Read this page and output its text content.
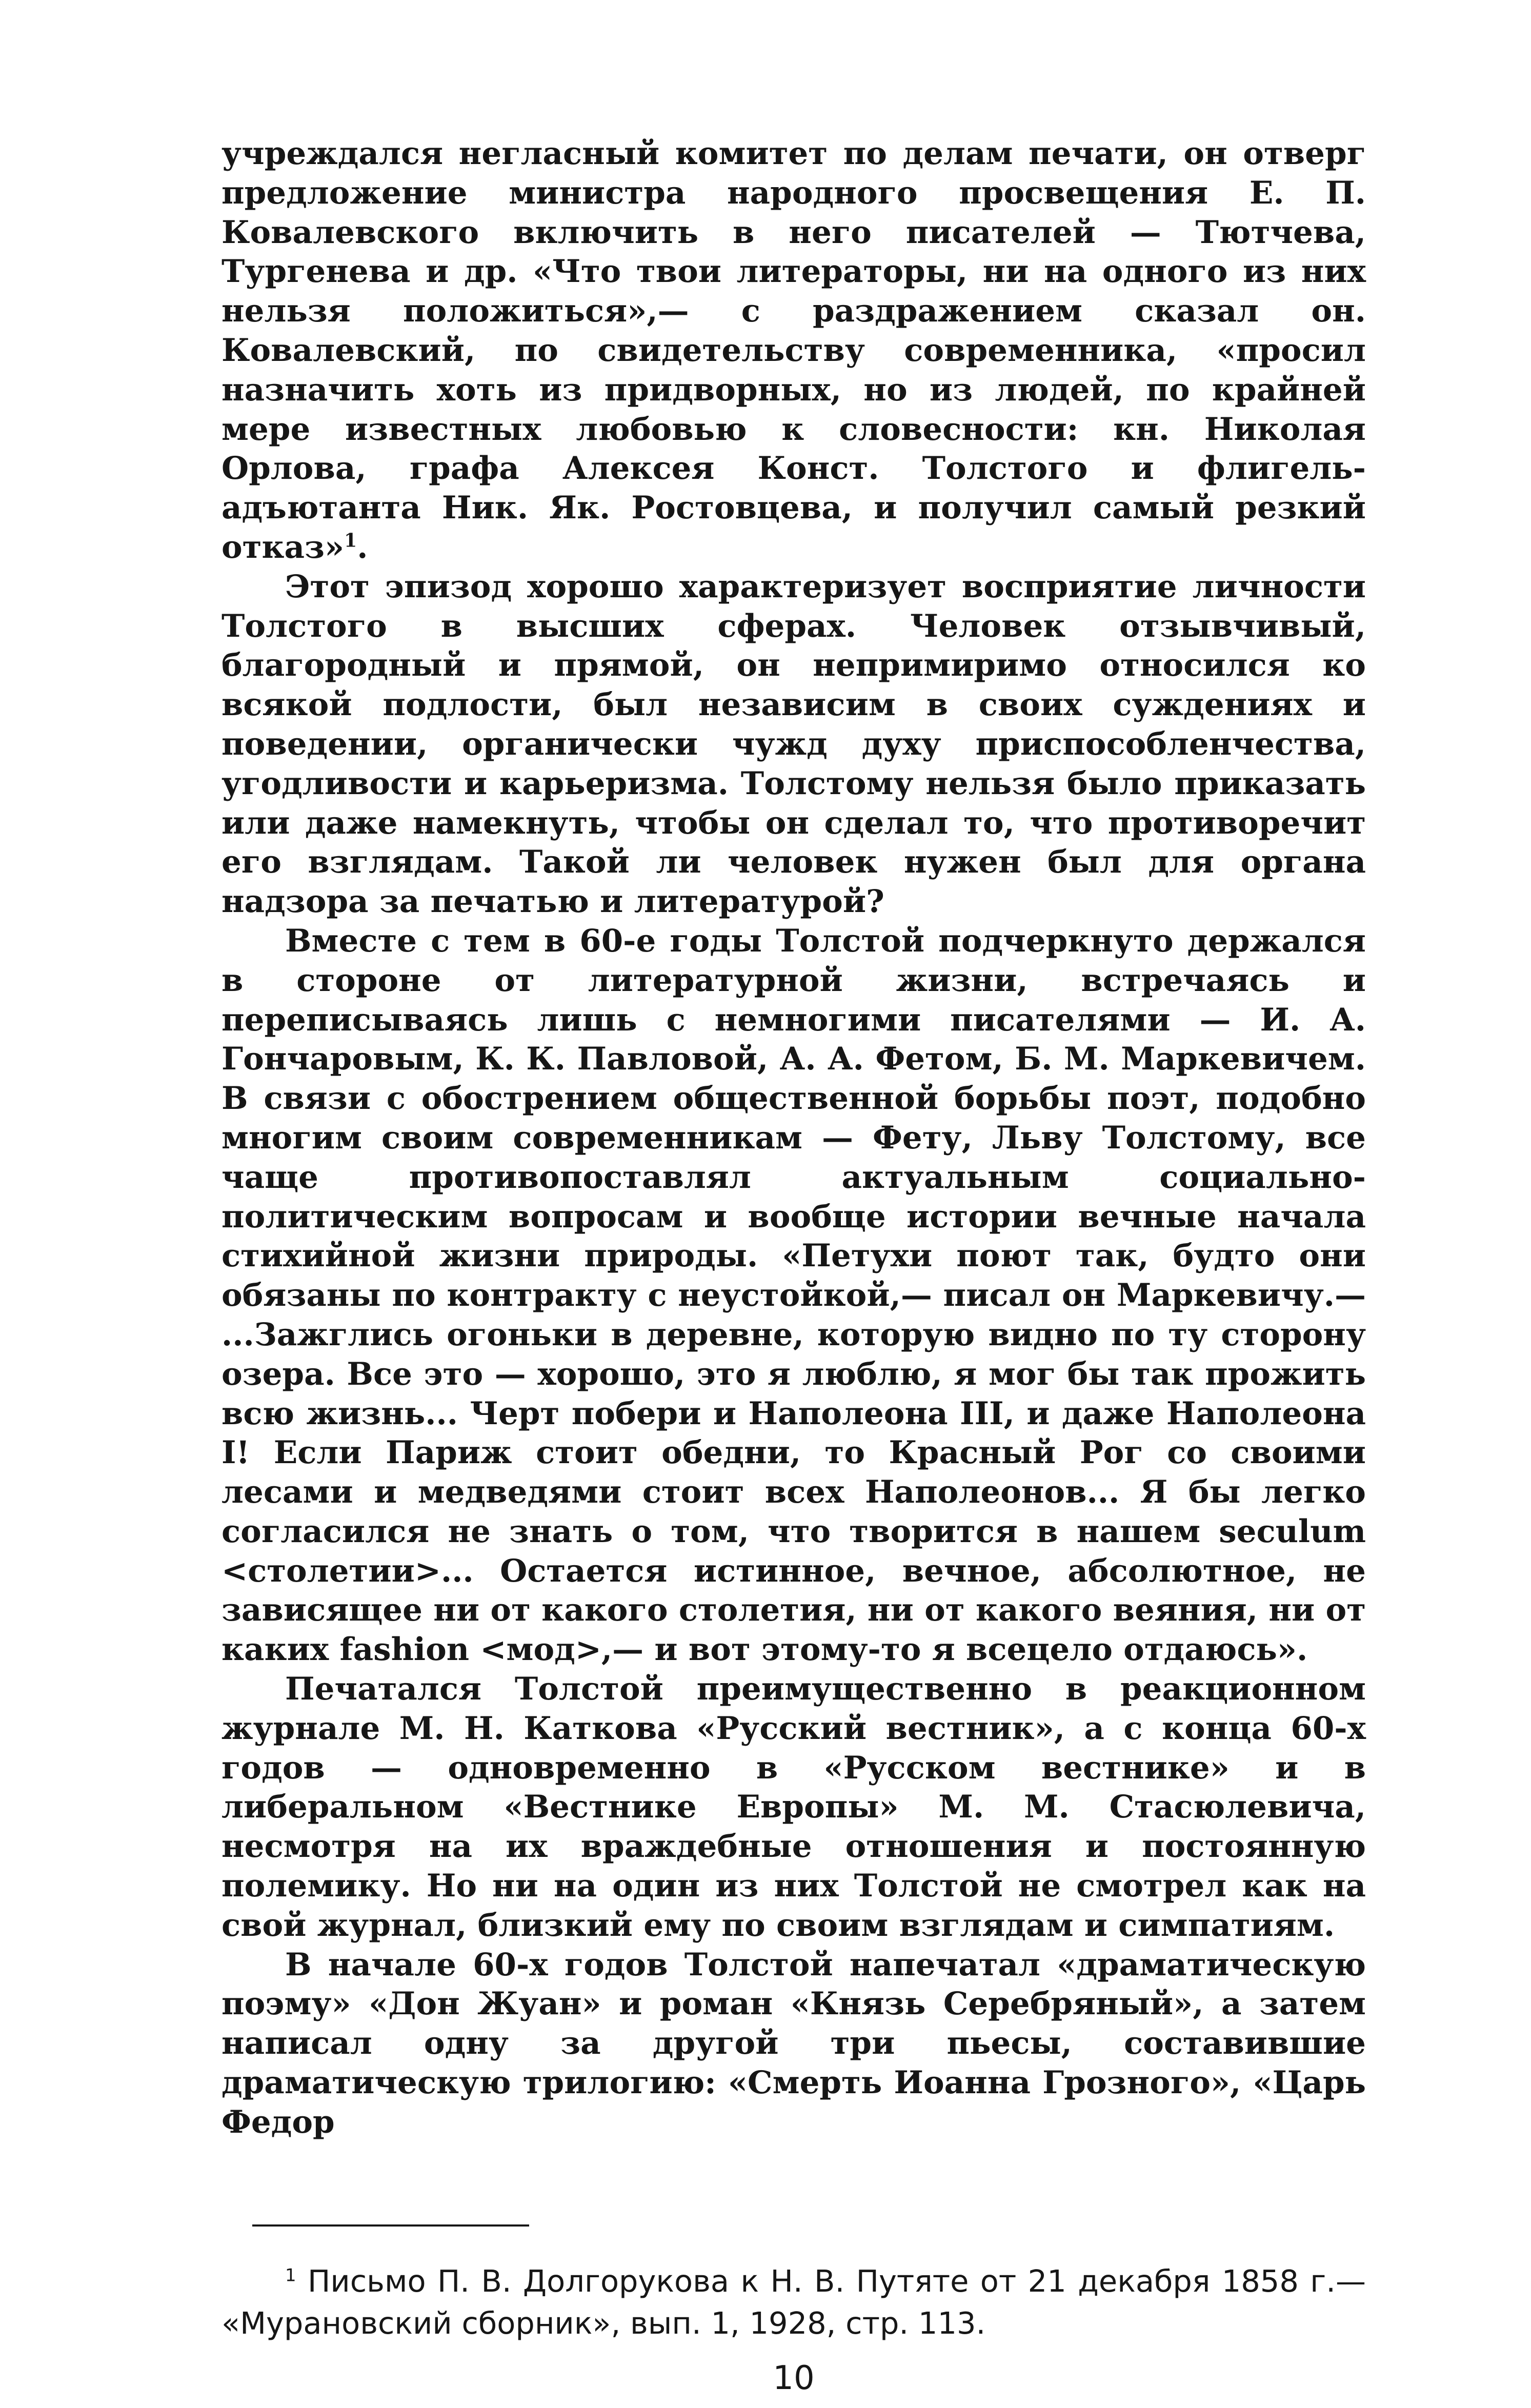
учреждался негласный комитет по делам печати, он отверг предложение министра народного просвещения Е. П. Ковалевского включить в него писателей — Тютчева, Тургенева и др. «Что твои литераторы, ни на одного из них нельзя положиться»,— с раздражением сказал он. Ковалевский, по свидетельству современника, «просил назначить хоть из придворных, но из людей, по крайней мере известных любовью к словесности: кн. Николая Орлова, графа Алексея Конст. Толстого и флигель-адъютанта Ник. Як. Ростовцева, и получил самый резкий отказ»$^1$.

Этот эпизод хорошо характеризует восприятие личности Толстого в высших сферах. Человек отзывчивый, благородный и прямой, он непримиримо относился ко всякой подлости, был независим в своих суждениях и поведении, органически чужд духу приспособленчества, угодливости и карьеризма. Толстому нельзя было приказать или даже намекнуть, чтобы он сделал то, что противоречит его взглядам. Такой ли человек нужен был для органа надзора за печатью и литературой?

Вместе с тем в 60-е годы Толстой подчеркнуто держался в стороне от литературной жизни, встречаясь и переписываясь лишь с немногими писателями — И. А. Гончаровым, К. К. Павловой, А. А. Фетом, Б. М. Маркевичем. В связи с обострением общественной борьбы поэт, подобно многим своим современникам — Фету, Льву Толстому, все чаще противопоставлял актуальным социально-политическим вопросам и вообще истории вечные начала стихийной жизни природы. «Петухи поют так, будто они обязаны по контракту с неустойкой,— писал он Маркевичу.— ...Зажглись огоньки в деревне, которую видно по ту сторону озера. Все это — хорошо, это я люблю, я мог бы так прожить всю жизнь... Черт побери и Наполеона III, и даже Наполеона I! Если Париж стоит обедни, то Красный Рог со своими лесами и медведями стоит всех Наполеонов... Я бы легко согласился не знать о том, что творится в нашем seculum <столетии>... Остается истинное, вечное, абсолютное, не зависящее ни от какого столетия, ни от какого веяния, ни от каких fashion <мод>,— и вот этому-то я всецело отдаюсь».

Печатался Толстой преимущественно в реакционном журнале М. Н. Каткова «Русский вестник», а с конца 60-х годов — одновременно в «Русском вестнике» и в либеральном «Вестнике Европы» М. М. Стасюлевича, несмотря на их враждебные отношения и постоянную полемику. Но ни на один из них Толстой не смотрел как на свой журнал, близкий ему по своим взглядам и симпатиям.

В начале 60-х годов Толстой напечатал «драматическую поэму» «Дон Жуан» и роман «Князь Серебряный», а затем написал одну за другой три пьесы, составившие драматическую трилогию: «Смерть Иоанна Грозного», «Царь Федор

$^1$ Письмо П. В. Долгорукова к Н. В. Путяте от 21 декабря 1858 г.— «Мурановский сборник», вып. 1, 1928, стр. 113.

10
